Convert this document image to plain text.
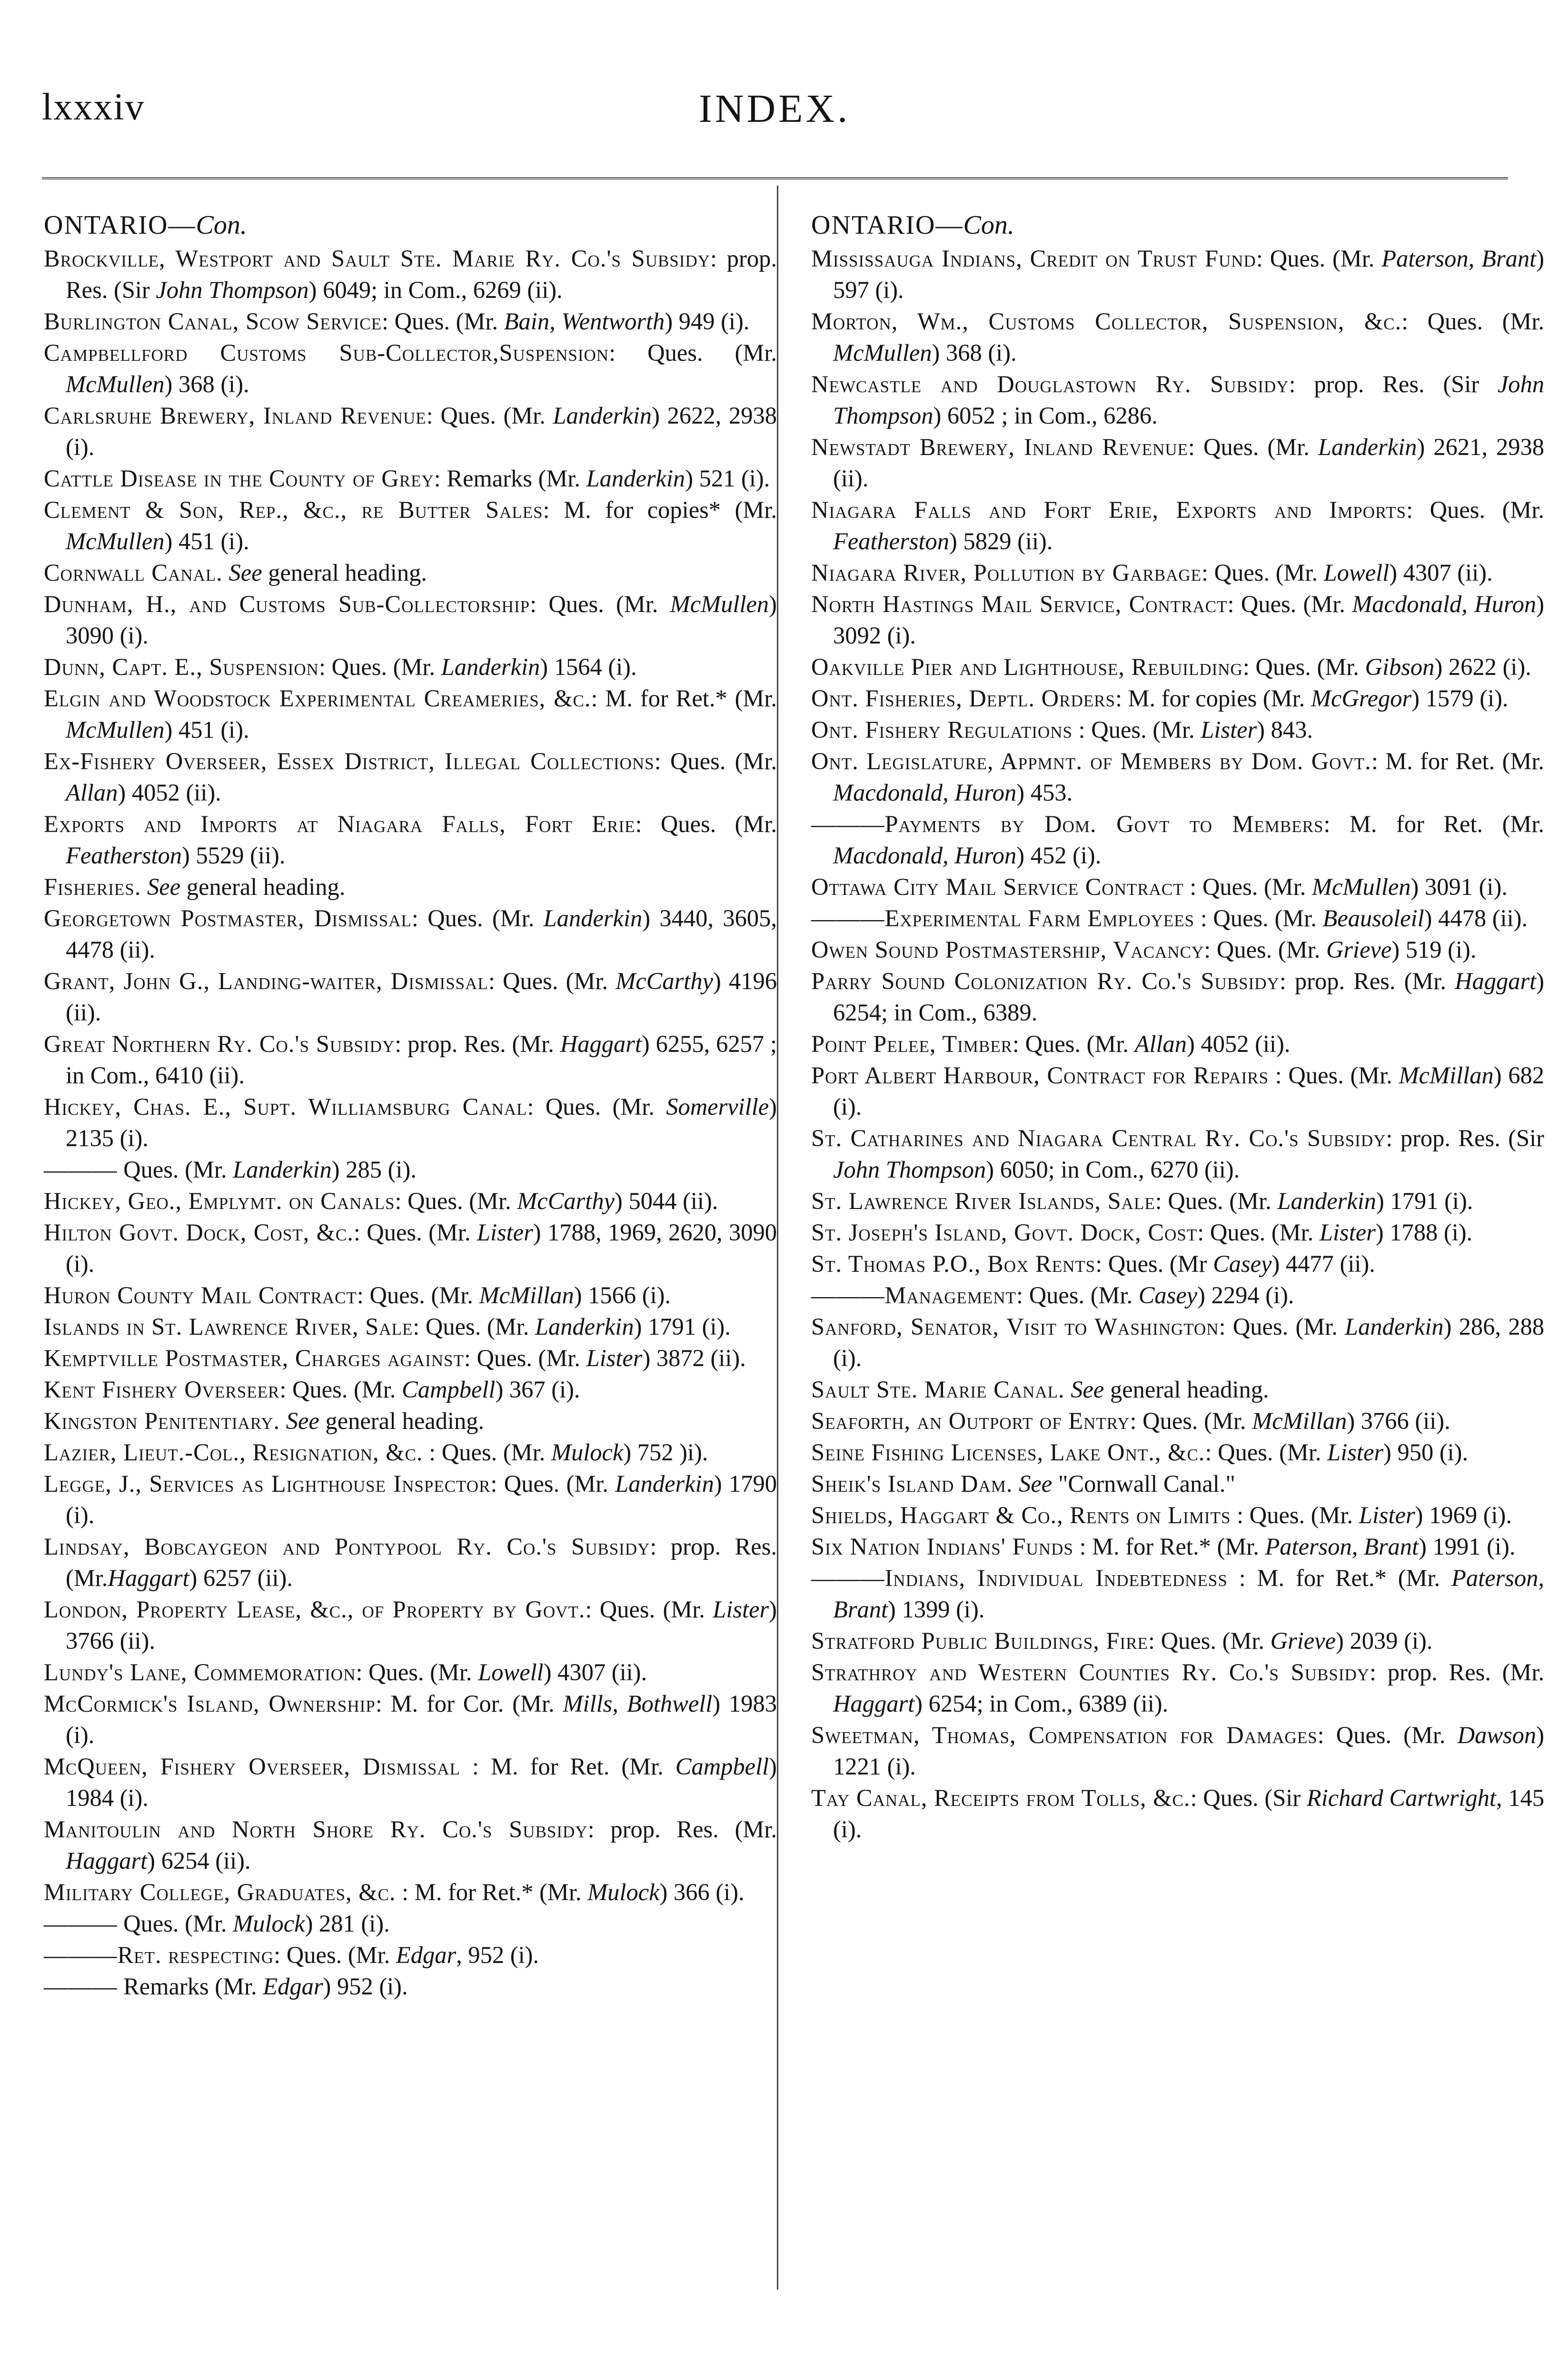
lxxxiv	INDEX.
ONTARIO—Con.
Brockville, Westport and Sault Ste. Marie Ry. Co.'s Subsidy: prop. Res. (Sir John Thompson) 6049; in Com., 6269 (ii).
Burlington Canal, Scow Service: Ques. (Mr. Bain, Wentworth) 949 (i).
Campbellford Customs Sub-Collector,Suspension: Ques. (Mr. McMullen) 368 (i).
Carlsruhe Brewery, Inland Revenue: Ques. (Mr. Landerkin) 2622, 2938 (i).
Cattle Disease in the County of Grey: Remarks (Mr. Landerkin) 521 (i).
Clement & Son, Rep., &c., re Butter Sales: M. for copies* (Mr. McMullen) 451 (i).
Cornwall Canal. See general heading.
Dunham, H., and Customs Sub-Collectorship: Ques. (Mr. McMullen) 3090 (i).
Dunn, Capt. E., Suspension: Ques. (Mr. Landerkin) 1564 (i).
Elgin and Woodstock Experimental Creameries, &c.: M. for Ret.* (Mr. McMullen) 451 (i).
Ex-Fishery Overseer, Essex District, Illegal Collections: Ques. (Mr. Allan) 4052 (ii).
Exports and Imports at Niagara Falls, Fort Erie: Ques. (Mr. Featherston) 5529 (ii).
Fisheries. See general heading.
Georgetown Postmaster, Dismissal: Ques. (Mr. Landerkin) 3440, 3605, 4478 (ii).
Grant, John G., Landing-waiter, Dismissal: Ques. (Mr. McCarthy) 4196 (ii).
Great Northern Ry. Co.'s Subsidy: prop. Res. (Mr. Haggart) 6255, 6257 ; in Com., 6410 (ii).
Hickey, Chas. E., Supt. Williamsburg Canal: Ques. (Mr. Somerville) 2135 (i).
——— Ques. (Mr. Landerkin) 285 (i).
Hickey, Geo., Emplymt. on Canals: Ques. (Mr. McCarthy) 5044 (ii).
Hilton Govt. Dock, Cost, &c.: Ques. (Mr. Lister) 1788, 1969, 2620, 3090 (i).
Huron County Mail Contract: Ques. (Mr. McMillan) 1566 (i).
Islands in St. Lawrence River, Sale: Ques. (Mr. Landerkin) 1791 (i).
Kemptville Postmaster, Charges against: Ques. (Mr. Lister) 3872 (ii).
Kent Fishery Overseer: Ques. (Mr. Campbell) 367 (i).
Kingston Penitentiary. See general heading.
Lazier, Lieut.-Col., Resignation, &c. : Ques. (Mr. Mulock) 752 )i).
Legge, J., Services as Lighthouse Inspector: Ques. (Mr. Landerkin) 1790 (i).
Lindsay, Bobcaygeon and Pontypool Ry. Co.'s Subsidy: prop. Res. (Mr.Haggart) 6257 (ii).
London, Property Lease, &c., of Property by Govt.: Ques. (Mr. Lister) 3766 (ii).
Lundy's Lane, Commemoration: Ques. (Mr. Lowell) 4307 (ii).
McCormick's Island, Ownership: M. for Cor. (Mr. Mills, Bothwell) 1983 (i).
McQueen, Fishery Overseer, Dismissal : M. for Ret. (Mr. Campbell) 1984 (i).
Manitoulin and North Shore Ry. Co.'s Subsidy: prop. Res. (Mr. Haggart) 6254 (ii).
Military College, Graduates, &c. : M. for Ret.* (Mr. Mulock) 366 (i).
——— Ques. (Mr. Mulock) 281 (i).
———Ret. respecting: Ques. (Mr. Edgar, 952 (i).
——— Remarks (Mr. Edgar) 952 (i).
ONTARIO—Con.
Mississauga Indians, Credit on Trust Fund: Ques. (Mr. Paterson, Brant) 597 (i).
Morton, Wm., Customs Collector, Suspension, &c.: Ques. (Mr. McMullen) 368 (i).
Newcastle and Douglastown Ry. Subsidy: prop. Res. (Sir John Thompson) 6052 ; in Com., 6286.
Newstadt Brewery, Inland Revenue: Ques. (Mr. Landerkin) 2621, 2938 (ii).
Niagara Falls and Fort Erie, Exports and Imports: Ques. (Mr. Featherston) 5829 (ii).
Niagara River, Pollution by Garbage: Ques. (Mr. Lowell) 4307 (ii).
North Hastings Mail Service, Contract: Ques. (Mr. Macdonald, Huron) 3092 (i).
Oakville Pier and Lighthouse, Rebuilding: Ques. (Mr. Gibson) 2622 (i).
Ont. Fisheries, Deptl. Orders: M. for copies (Mr. McGregor) 1579 (i).
Ont. Fishery Regulations : Ques. (Mr. Lister) 843.
Ont. Legislature, Appmnt. of Members by Dom. Govt.: M. for Ret. (Mr. Macdonald, Huron) 453.
———Payments by Dom. Govt to Members: M. for Ret. (Mr. Macdonald, Huron) 452 (i).
Ottawa City Mail Service Contract : Ques. (Mr. McMullen) 3091 (i).
———Experimental Farm Employees : Ques. (Mr. Beausoleil) 4478 (ii).
Owen Sound Postmastership, Vacancy: Ques. (Mr. Grieve) 519 (i).
Parry Sound Colonization Ry. Co.'s Subsidy: prop. Res. (Mr. Haggart) 6254; in Com., 6389.
Point Pelee, Timber: Ques. (Mr. Allan) 4052 (ii).
Port Albert Harbour, Contract for Repairs : Ques. (Mr. McMillan) 682 (i).
St. Catharines and Niagara Central Ry. Co.'s Subsidy: prop. Res. (Sir John Thompson) 6050; in Com., 6270 (ii).
St. Lawrence River Islands, Sale: Ques. (Mr. Landerkin) 1791 (i).
St. Joseph's Island, Govt. Dock, Cost: Ques. (Mr. Lister) 1788 (i).
St. Thomas P.O., Box Rents: Ques. (Mr Casey) 4477 (ii).
———Management: Ques. (Mr. Casey) 2294 (i).
Sanford, Senator, Visit to Washington: Ques. (Mr. Landerkin) 286, 288 (i).
Sault Ste. Marie Canal. See general heading.
Seaforth, an Outport of Entry: Ques. (Mr. McMillan) 3766 (ii).
Seine Fishing Licenses, Lake Ont., &c.: Ques. (Mr. Lister) 950 (i).
Sheik's Island Dam. See "Cornwall Canal."
Shields, Haggart & Co., Rents on Limits : Ques. (Mr. Lister) 1969 (i).
Six Nation Indians' Funds : M. for Ret.* (Mr. Paterson, Brant) 1991 (i).
———Indians, Individual Indebtedness : M. for Ret.* (Mr. Paterson, Brant) 1399 (i).
Stratford Public Buildings, Fire: Ques. (Mr. Grieve) 2039 (i).
Strathroy and Western Counties Ry. Co.'s Subsidy: prop. Res. (Mr. Haggart) 6254; in Com., 6389 (ii).
Sweetman, Thomas, Compensation for Damages: Ques. (Mr. Dawson) 1221 (i).
Tay Canal, Receipts from Tolls, &c.: Ques. (Sir Richard Cartwright, 145 (i).
